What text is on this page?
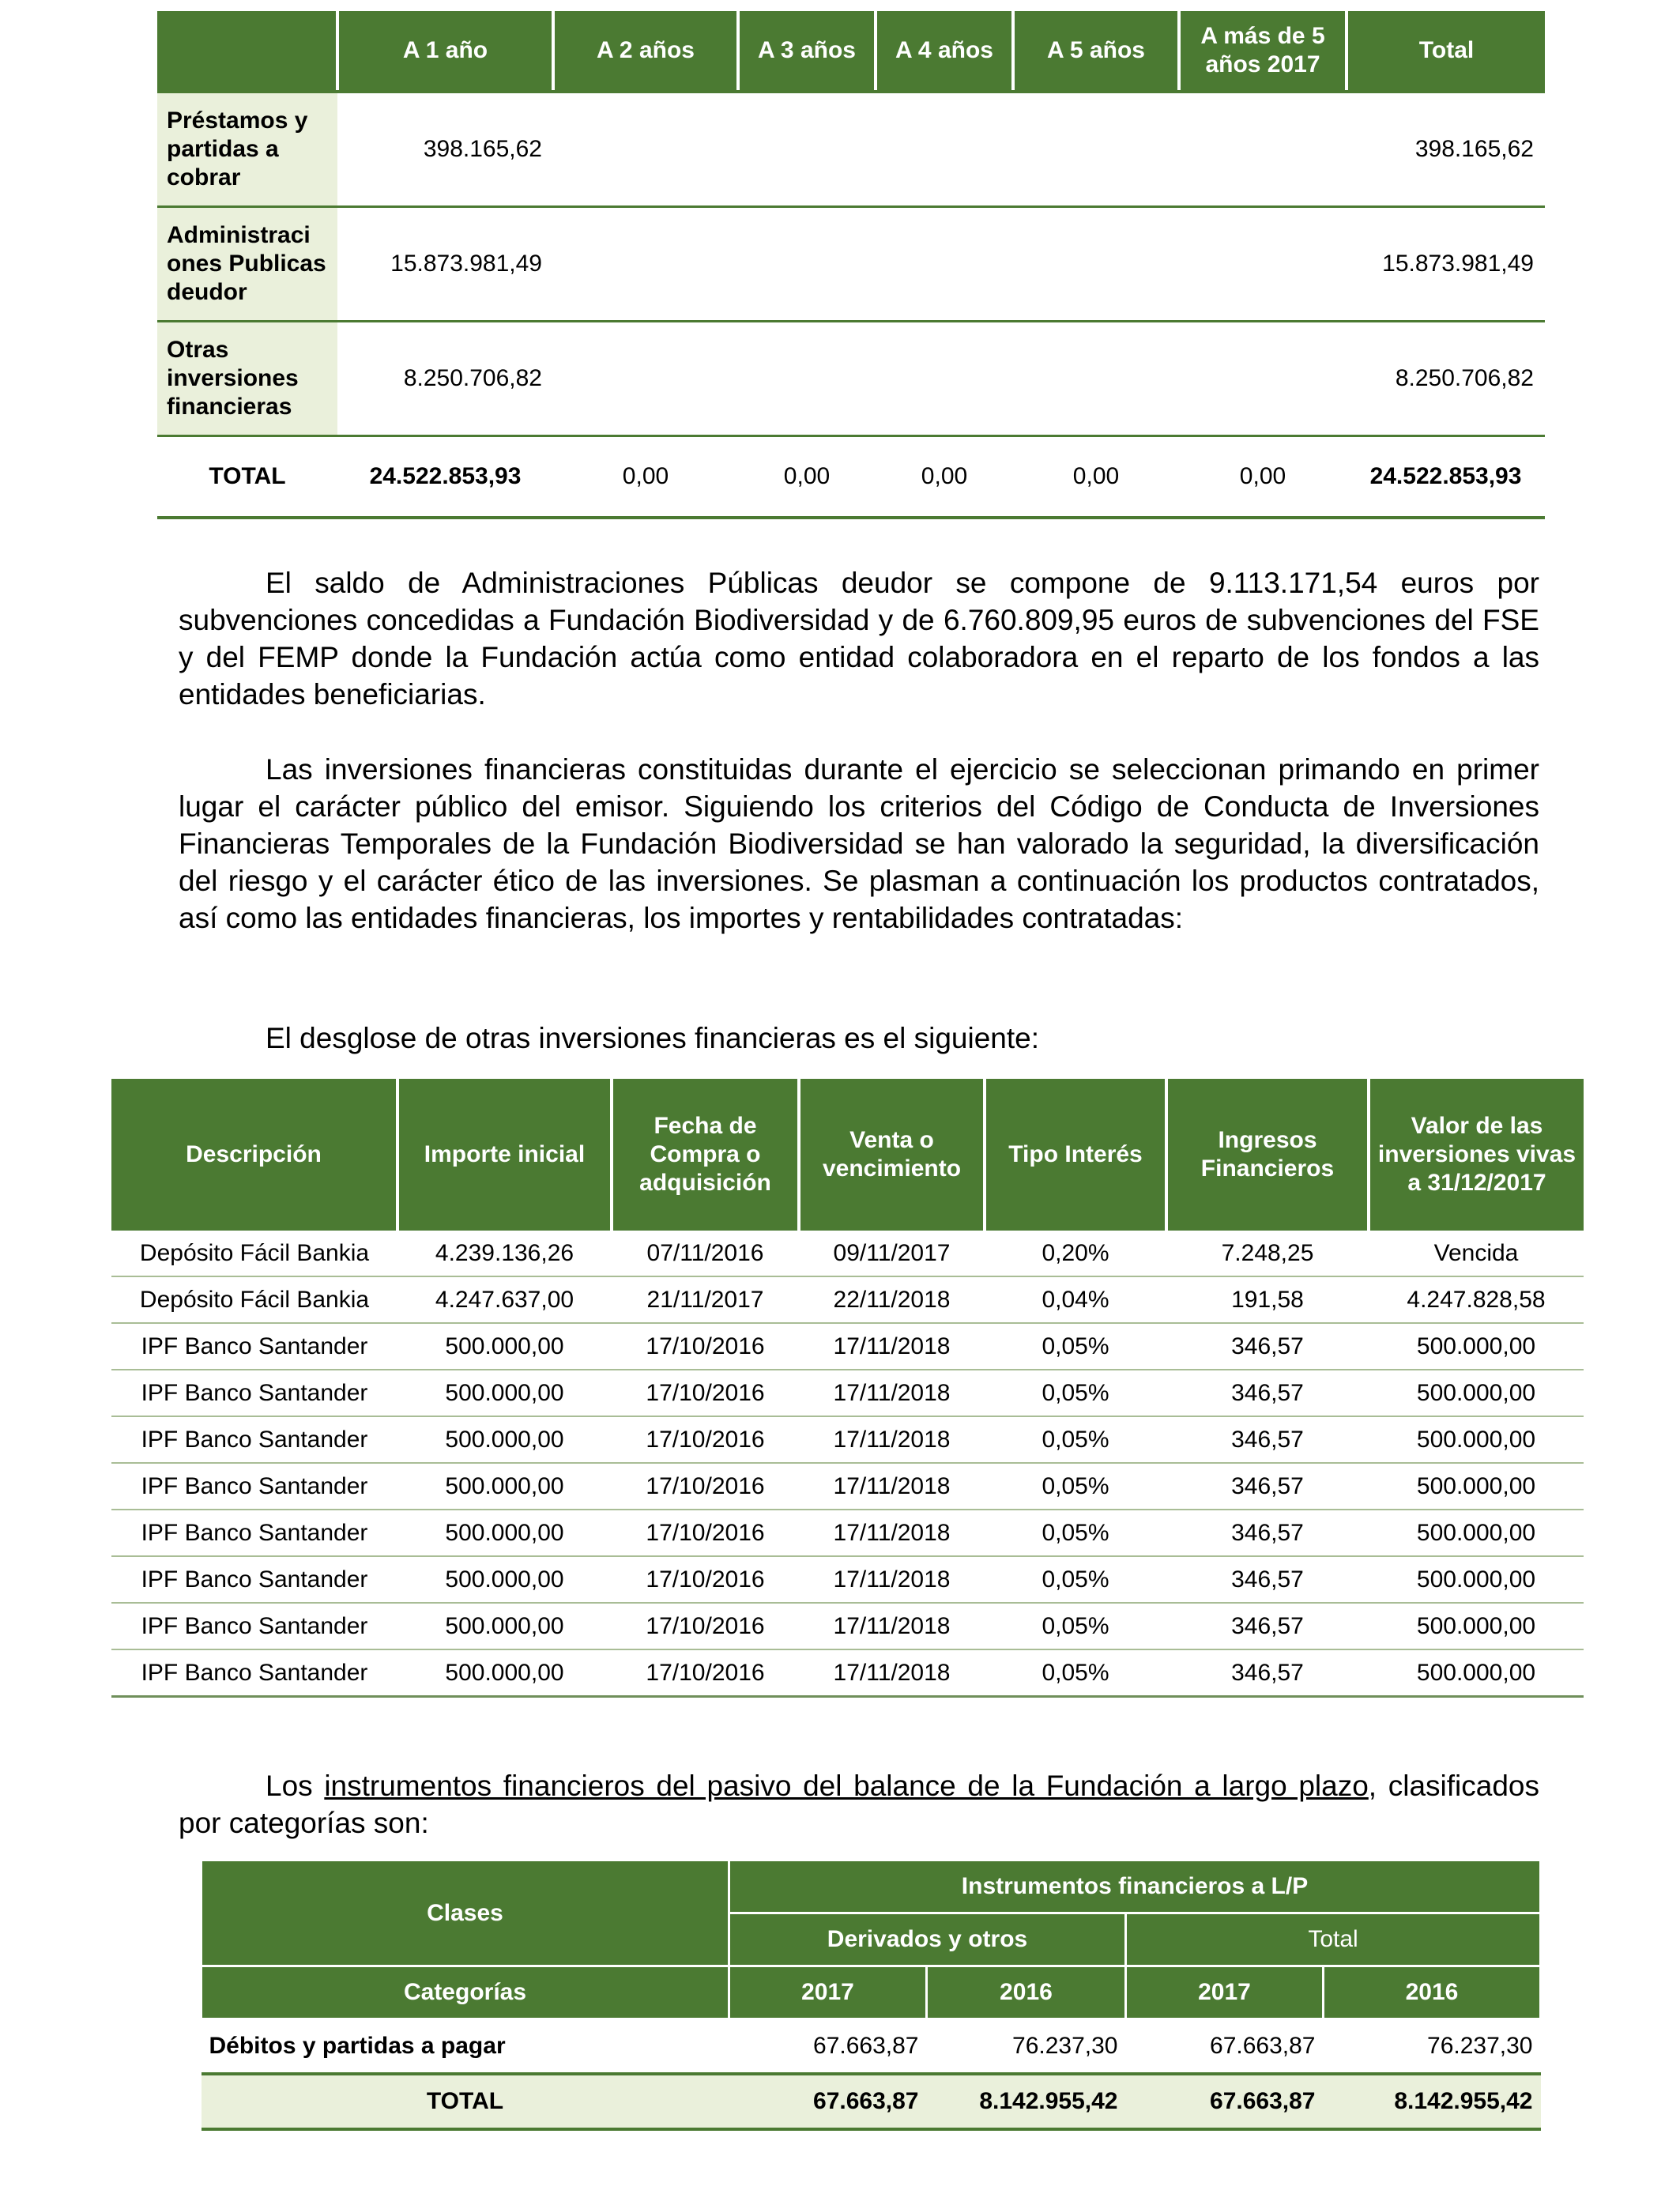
	A 1 año	A 2 años	A 3 años	A 4 años	A 5 años	A más de 5 años 2017	Total
Préstamos y partidas a cobrar	398.165,62						398.165,62
Administraci ones Publicas deudor	15.873.981,49						15.873.981,49
Otras inversiones financieras	8.250.706,82						8.250.706,82
TOTAL	24.522.853,93	0,00	0,00	0,00	0,00	0,00	24.522.853,93

El saldo de Administraciones Públicas deudor se compone de 9.113.171,54 euros por subvenciones concedidas a Fundación Biodiversidad y de 6.760.809,95 euros de subvenciones del FSE y del FEMP donde la Fundación actúa como entidad colaboradora en el reparto de los fondos a las entidades beneficiarias.

Las inversiones financieras constituidas durante el ejercicio se seleccionan primando en primer lugar el carácter público del emisor. Siguiendo los criterios del Código de Conducta de Inversiones Financieras Temporales de la Fundación Biodiversidad se han valorado la seguridad, la diversificación del riesgo y el carácter ético de las inversiones. Se plasman a continuación los productos contratados, así como las entidades financieras, los importes y rentabilidades contratadas:

El desglose de otras inversiones financieras es el siguiente:

Descripción	Importe inicial	Fecha de Compra o adquisición	Venta o vencimiento	Tipo Interés	Ingresos Financieros	Valor de las inversiones vivas a 31/12/2017
Depósito Fácil Bankia	4.239.136,26	07/11/2016	09/11/2017	0,20%	7.248,25	Vencida
Depósito Fácil Bankia	4.247.637,00	21/11/2017	22/11/2018	0,04%	191,58	4.247.828,58
IPF Banco Santander	500.000,00	17/10/2016	17/11/2018	0,05%	346,57	500.000,00
IPF Banco Santander	500.000,00	17/10/2016	17/11/2018	0,05%	346,57	500.000,00
IPF Banco Santander	500.000,00	17/10/2016	17/11/2018	0,05%	346,57	500.000,00
IPF Banco Santander	500.000,00	17/10/2016	17/11/2018	0,05%	346,57	500.000,00
IPF Banco Santander	500.000,00	17/10/2016	17/11/2018	0,05%	346,57	500.000,00
IPF Banco Santander	500.000,00	17/10/2016	17/11/2018	0,05%	346,57	500.000,00
IPF Banco Santander	500.000,00	17/10/2016	17/11/2018	0,05%	346,57	500.000,00
IPF Banco Santander	500.000,00	17/10/2016	17/11/2018	0,05%	346,57	500.000,00

Los instrumentos financieros del pasivo del balance de la Fundación a largo plazo, clasificados por categorías son:

Clases	Instrumentos financieros a L/P			
	Derivados y otros		Total	
Categorías	2017	2016	2017	2016
Débitos y partidas a pagar	67.663,87	76.237,30	67.663,87	76.237,30
TOTAL	67.663,87	8.142.955,42	67.663,87	8.142.955,42
